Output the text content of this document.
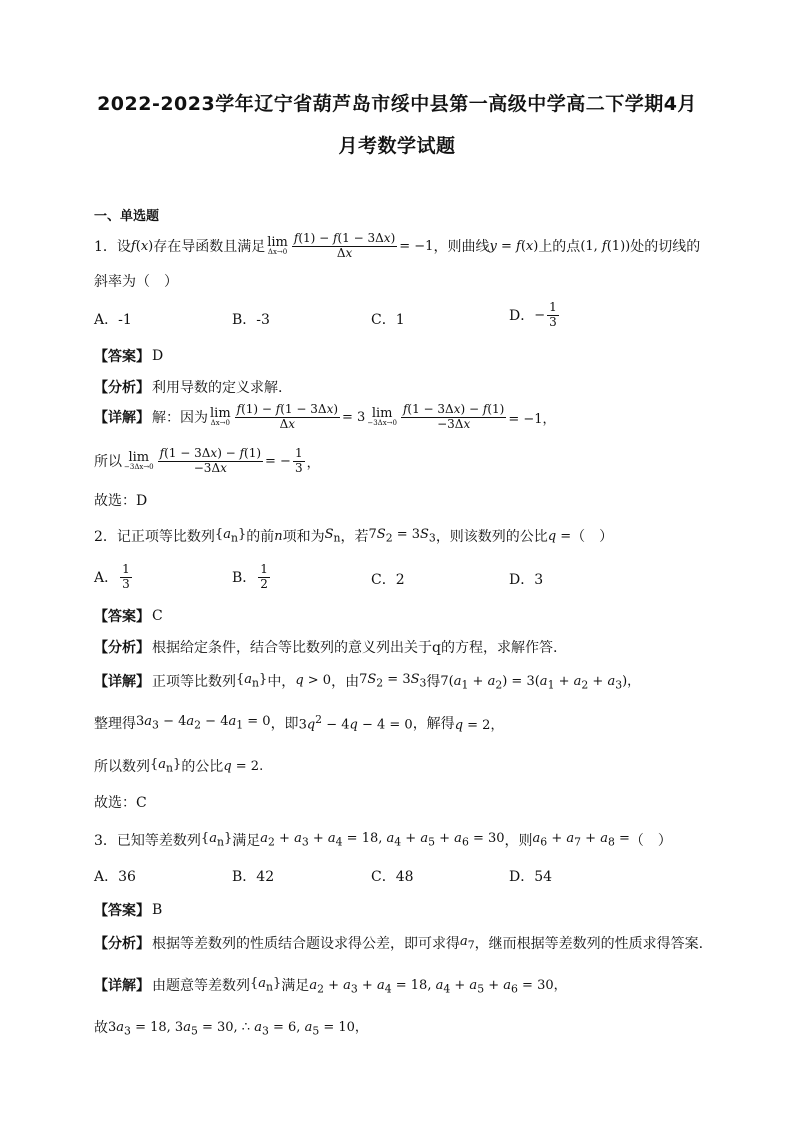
2022-2023学年辽宁省葫芦岛市绥中县第一高级中学高二下学期4月
月考数学试题
一、单选题
1．设 f(x) 存在导函数且满足 lim
$\Delta x\to 0 \frac{f(1) - f(1 - 3\Delta x)}{\Delta x} = -1$ ，则曲线 y = f(x) 上的点 (1, f(1)) 处的切线的
斜率为（　）
A．-1	B．-3	C．1	D． − $\frac{1}{3}$
【答案】 D
【分析】 利用导数的定义求解.
【详解】 解：因为 lim
$\Delta x\to 0 \frac{f(1) - f(1 - 3\Delta x)}{\Delta x} = 3$ lim
$-3\Delta x\to 0 \frac{f(1 - 3\Delta x) - f(1)}{-3\Delta x} = -1$，
所以 lim
$-3\Delta x\to 0 \frac{f(1 - 3\Delta x) - f(1)}{-3\Delta x}$ = − $\frac{1}{3}$ ，
故选：D
2．记正项等比数列 $\{a_n\}$ 的前 n 项和为 $S_n$ ，若 $7S_2 = 3S_3$ ，则该数列的公比 q = （　）
A． $\frac{1}{3}$	B． $\frac{1}{2}$	C．2	D．3
【答案】 C
【分析】 根据给定条件，结合等比数列的意义列出关于q的方程，求解作答.
【详解】 正项等比数列 $\{a_n\}$ 中， q > 0 ，由 $7S_2 = 3S_3$ 得 $7(a_1 + a_2) = 3(a_1 + a_2 + a_3)$，
整理得 $3a_3 - 4a_2 - 4a_1 = 0$ ，即 $3q^2 - 4q - 4 = 0$ ，解得 q = 2，
所以数列 $\{a_n\}$ 的公比 q = 2.
故选：C
3．已知等差数列 $\{a_n\}$ 满足 $a_2 + a_3 + a_4 = 18$, $a_4 + a_5 + a_6 = 30$ ，则 $a_6 + a_7 + a_8$ = （　）
A．36	B．42	C．48	D．54
【答案】 B
【分析】 根据等差数列的性质结合题设求得公差，即可求得 $a_7$ ，继而根据等差数列的性质求得答案.
【详解】 由题意等差数列 $\{a_n\}$ 满足 $a_2 + a_3 + a_4 = 18$, $a_4 + a_5 + a_6 = 30$，
故 $3a_3 = 18$, $3a_5 = 30$, ∴ $a_3 = 6$, $a_5 = 10$，
